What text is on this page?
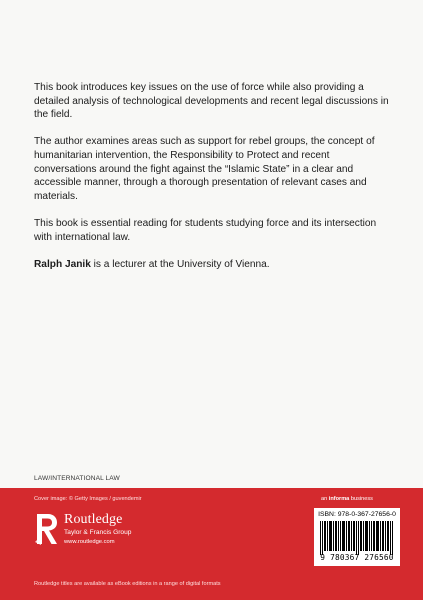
This book introduces key issues on the use of force while also providing a detailed analysis of technological developments and recent legal discussions in the field.

The author examines areas such as support for rebel groups, the concept of humanitarian intervention, the Responsibility to Protect and recent conversations around the fight against the “Islamic State” in a clear and accessible manner, through a thorough presentation of relevant cases and materials.

This book is essential reading for students studying force and its intersection with international law.

Ralph Janik is a lecturer at the University of Vienna.

LAW/INTERNATIONAL LAW
Cover image: © Getty Images / guvendemir	an informa business
Routledge
Taylor & Francis Group
www.routledge.com
ISBN: 978-0-367-27656-0
9 780367 276560
Routledge titles are available as eBook editions in a range of digital formats
